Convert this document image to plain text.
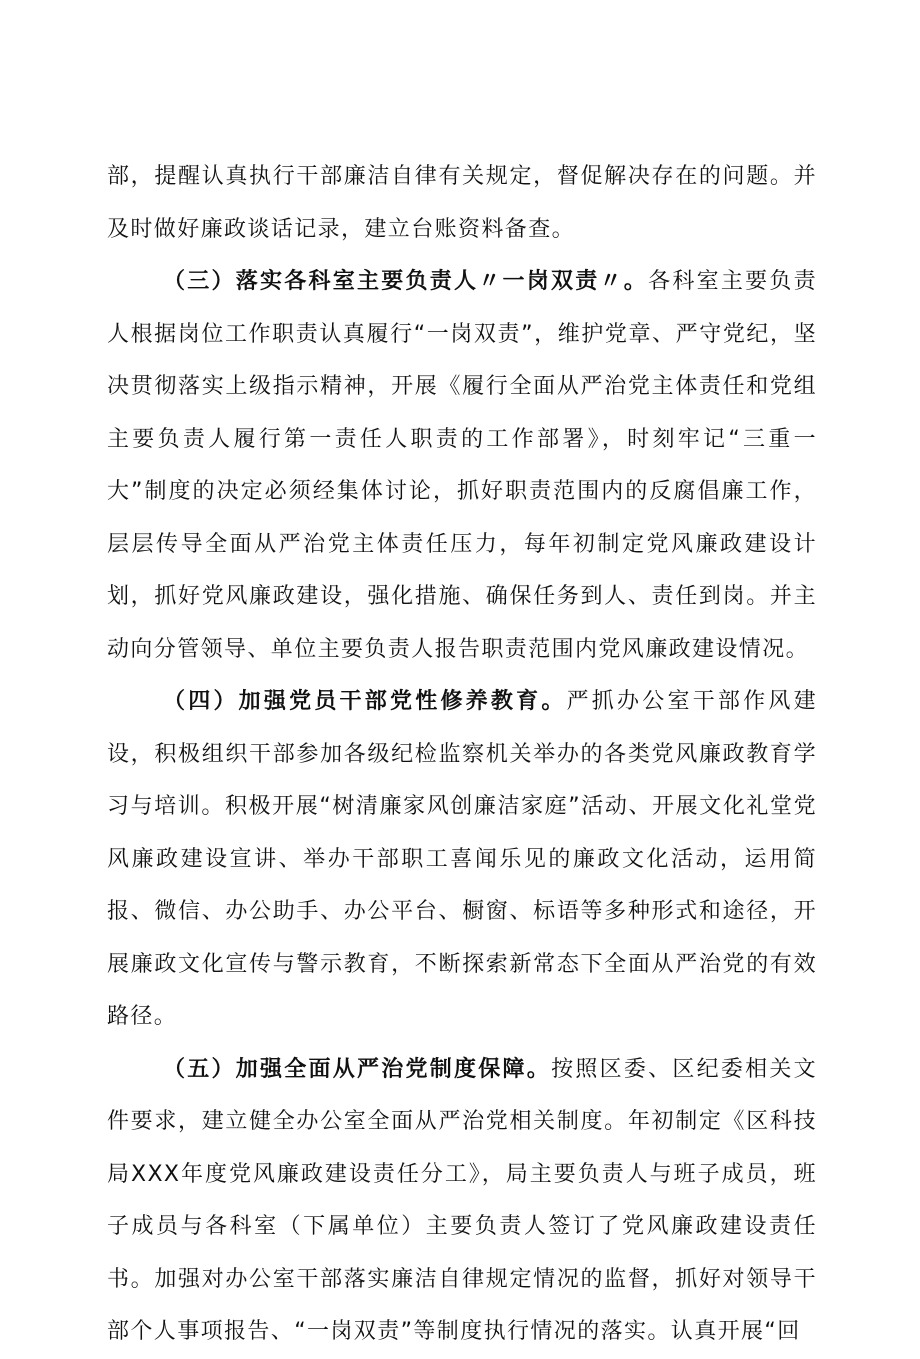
部，提醒认真执行干部廉洁自律有关规定，督促解决存在的问题。并及时做好廉政谈话记录，建立台账资料备查。

（三）落实各科室主要负责人〃一岗双责〃。各科室主要负责人根据岗位工作职责认真履行“一岗双责”，维护党章、严守党纪，坚决贯彻落实上级指示精神，开展《履行全面从严治党主体责任和党组主要负责人履行第一责任人职责的工作部署》，时刻牢记“三重一大”制度的决定必须经集体讨论，抓好职责范围内的反腐倡廉工作，层层传导全面从严治党主体责任压力，每年初制定党风廉政建设计划，抓好党风廉政建设，强化措施、确保任务到人、责任到岗。并主动向分管领导、单位主要负责人报告职责范围内党风廉政建设情况。

（四）加强党员干部党性修养教育。严抓办公室干部作风建设，积极组织干部参加各级纪检监察机关举办的各类党风廉政教育学习与培训。积极开展“树清廉家风创廉洁家庭”活动、开展文化礼堂党风廉政建设宣讲、举办干部职工喜闻乐见的廉政文化活动，运用简报、微信、办公助手、办公平台、橱窗、标语等多种形式和途径，开展廉政文化宣传与警示教育，不断探索新常态下全面从严治党的有效路径。

（五）加强全面从严治党制度保障。按照区委、区纪委相关文件要求，建立健全办公室全面从严治党相关制度。年初制定《区科技局XXX年度党风廉政建设责任分工》，局主要负责人与班子成员，班子成员与各科室（下属单位）主要负责人签订了党风廉政建设责任书。加强对办公室干部落实廉洁自律规定情况的监督，抓好对领导干部个人事项报告、“一岗双责”等制度执行情况的落实。认真开展“回
